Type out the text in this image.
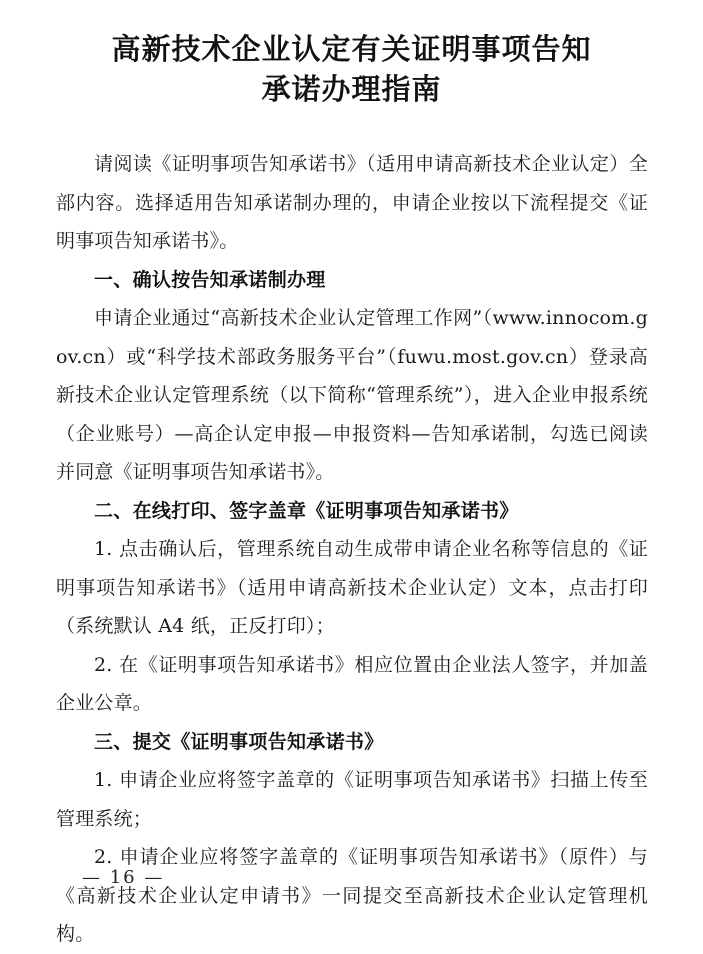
高新技术企业认定有关证明事项告知
承诺办理指南

请阅读《证明事项告知承诺书》（适用申请高新技术企业认定）全部内容。选择适用告知承诺制办理的，申请企业按以下流程提交《证明事项告知承诺书》。

一、确认按告知承诺制办理

申请企业通过“高新技术企业认定管理工作网”（www.innocom.gov.cn）或“科学技术部政务服务平台”（fuwu.most.gov.cn）登录高新技术企业认定管理系统（以下简称“管理系统”），进入企业申报系统（企业账号）—高企认定申报—申报资料—告知承诺制，勾选已阅读并同意《证明事项告知承诺书》。

二、在线打印、签字盖章《证明事项告知承诺书》

1. 点击确认后，管理系统自动生成带申请企业名称等信息的《证明事项告知承诺书》（适用申请高新技术企业认定）文本，点击打印（系统默认 A4 纸，正反打印）；

2. 在《证明事项告知承诺书》相应位置由企业法人签字，并加盖企业公章。

三、提交《证明事项告知承诺书》

1. 申请企业应将签字盖章的《证明事项告知承诺书》扫描上传至管理系统；

2. 申请企业应将签字盖章的《证明事项告知承诺书》（原件）与《高新技术企业认定申请书》一同提交至高新技术企业认定管理机构。

— 16 —
